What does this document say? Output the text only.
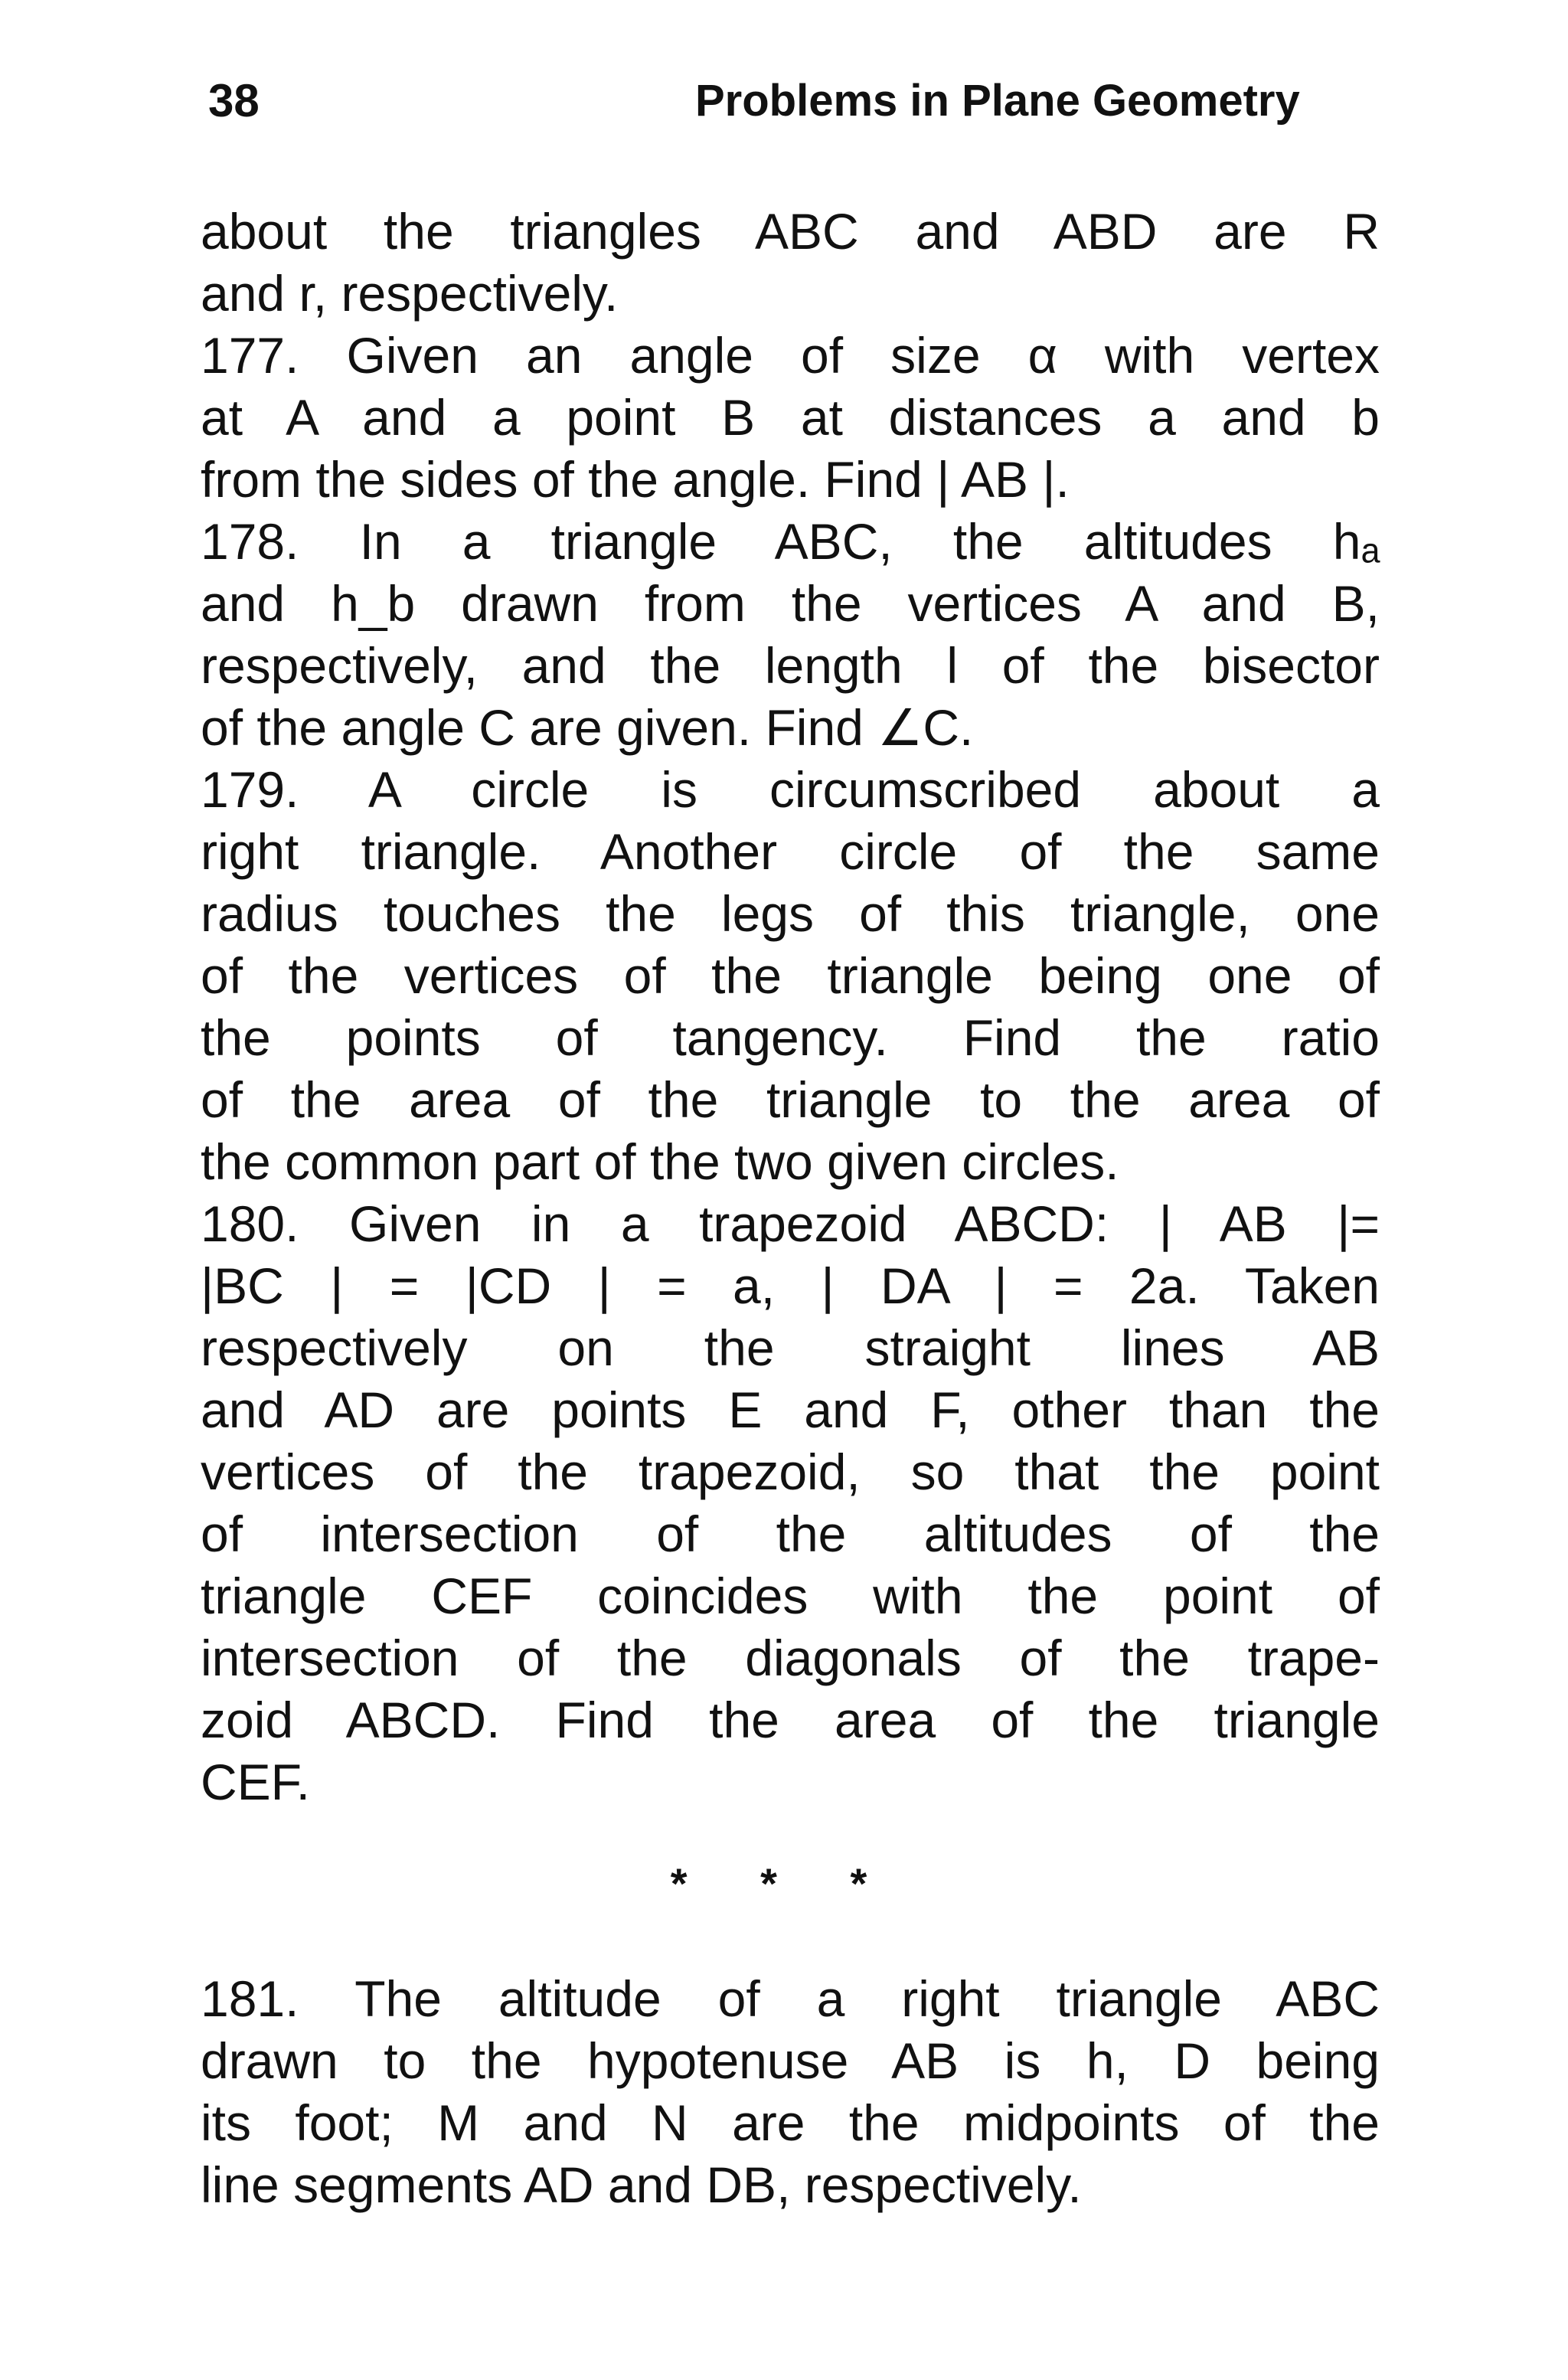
38	Problems in Plane Geometry
about the triangles ABC and ABD are R
and r, respectively.
177. Given an angle of size α with vertex
at A and a point B at distances a and b
from the sides of the angle. Find | AB |.
178. In a triangle ABC, the altitudes hₐ
and h_b drawn from the vertices A and B,
respectively, and the length l of the bisector
of the angle C are given. Find ∠C.
179. A circle is circumscribed about a
right triangle. Another circle of the same
radius touches the legs of this triangle, one
of the vertices of the triangle being one of
the points of tangency. Find the ratio
of the area of the triangle to the area of
the common part of the two given circles.
180. Given in a trapezoid ABCD: | AB |=
|BC | = |CD | = a, | DA | = 2a. Taken
respectively on the straight lines AB
and AD are points E and F, other than the
vertices of the trapezoid, so that the point
of intersection of the altitudes of the
triangle CEF coincides with the point of
intersection of the diagonals of the trape-
zoid ABCD. Find the area of the triangle
CEF.
* * *
181. The altitude of a right triangle ABC
drawn to the hypotenuse AB is h, D being
its foot; M and N are the midpoints of the
line segments AD and DB, respectively.
